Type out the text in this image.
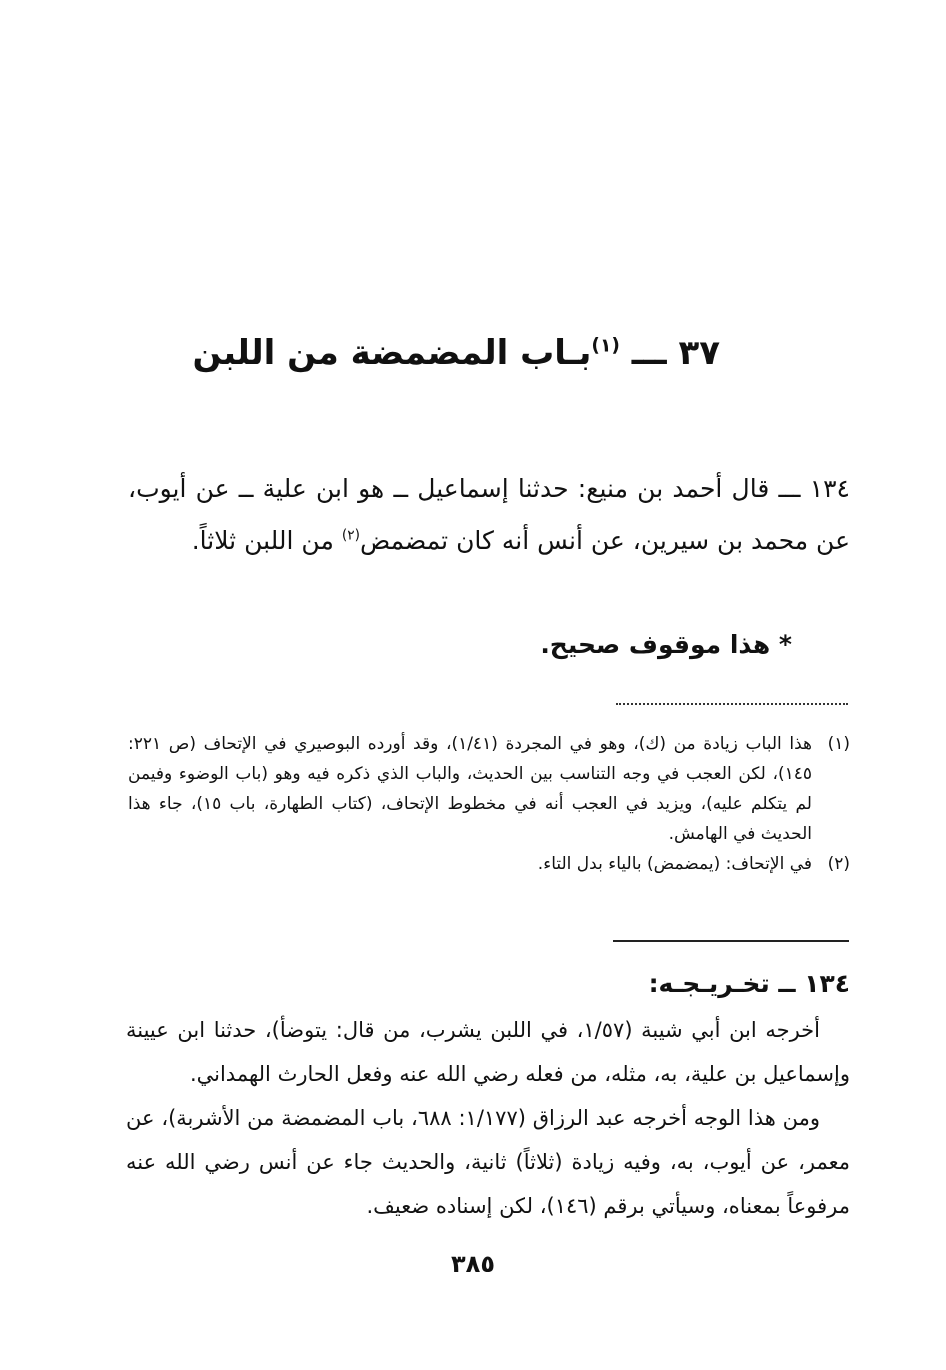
٣٧ ـــ $^{(١)}$بـاب المضمضة من اللبن
١٣٤ ـــ قال أحمد بن منيع: حدثنا إسماعيل ــ هو ابن علية ــ عن أيوب، عن محمد بن سيرين، عن أنس أنه كان تمضمض$^{(٢)}$ من اللبن ثلاثاً.
* هذا موقوف صحيح.
(١)
هذا الباب زيادة من (ك)، وهو في المجردة (١/٤١)، وقد أورده البوصيري في الإتحاف (ص ٢٢١: ١٤٥)، لكن العجب في وجه التناسب بين الحديث، والباب الذي ذكره فيه وهو (باب الوضوء وفيمن لم يتكلم عليه)، ويزيد في العجب أنه في مخطوط الإتحاف، (كتاب الطهارة، باب ١٥)، جاء هذا الحديث في الهامش.
(٢)
في الإتحاف: (يمضمض) بالياء بدل التاء.
١٣٤ ــ تخـريـجـه:

أخرجه ابن أبي شيبة (١/٥٧، في اللبن يشرب، من قال: يتوضأ)، حدثنا ابن عيينة وإسماعيل بن علية، به، مثله، من فعله رضي الله عنه وفعل الحارث الهمداني.

ومن هذا الوجه أخرجه عبد الرزاق (١/١٧٧: ٦٨٨، باب المضمضة من الأشربة)، عن معمر، عن أيوب، به، وفيه زيادة (ثلاثاً) ثانية، والحديث جاء عن أنس رضي الله عنه مرفوعاً بمعناه، وسيأتي برقم (١٤٦)، لكن إسناده ضعيف.

٣٨٥
